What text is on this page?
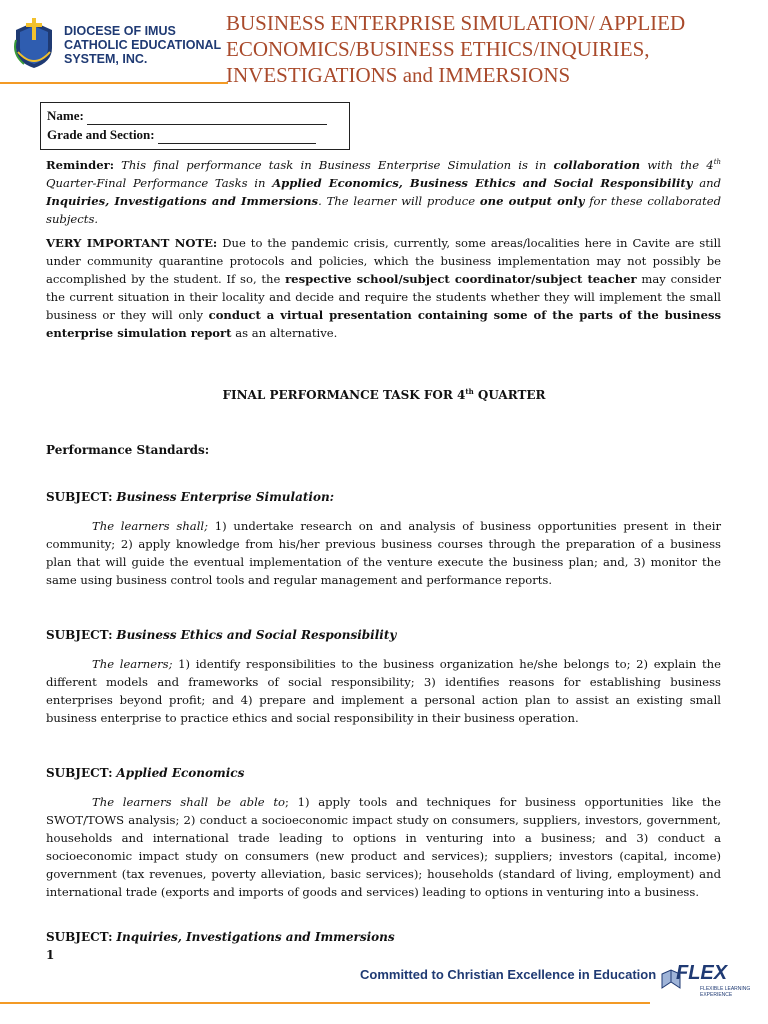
DIOCESE OF IMUS
CATHOLIC EDUCATIONAL
SYSTEM, INC.
BUSINESS ENTERPRISE SIMULATION/ APPLIED ECONOMICS/BUSINESS ETHICS/INQUIRIES, INVESTIGATIONS and IMMERSIONS
Name:
Grade and Section:
Reminder: This final performance task in Business Enterprise Simulation is in collaboration with the 4th Quarter-Final Performance Tasks in Applied Economics, Business Ethics and Social Responsibility and Inquiries, Investigations and Immersions. The learner will produce one output only for these collaborated subjects.
VERY IMPORTANT NOTE: Due to the pandemic crisis, currently, some areas/localities here in Cavite are still under community quarantine protocols and policies, which the business implementation may not possibly be accomplished by the student. If so, the respective school/subject coordinator/subject teacher may consider the current situation in their locality and decide and require the students whether they will implement the small business or they will only conduct a virtual presentation containing some of the parts of the business enterprise simulation report as an alternative.
FINAL PERFORMANCE TASK FOR 4th QUARTER
Performance Standards:
SUBJECT: Business Enterprise Simulation:
The learners shall; 1) undertake research on and analysis of business opportunities present in their community; 2) apply knowledge from his/her previous business courses through the preparation of a business plan that will guide the eventual implementation of the venture execute the business plan; and, 3) monitor the same using business control tools and regular management and performance reports.
SUBJECT: Business Ethics and Social Responsibility
The learners; 1) identify responsibilities to the business organization he/she belongs to; 2) explain the different models and frameworks of social responsibility; 3) identifies reasons for establishing business enterprises beyond profit; and 4) prepare and implement a personal action plan to assist an existing small business enterprise to practice ethics and social responsibility in their business operation.
SUBJECT: Applied Economics
The learners shall be able to; 1) apply tools and techniques for business opportunities like the SWOT/TOWS analysis; 2) conduct a socioeconomic impact study on consumers, suppliers, investors, government, households and international trade leading to options in venturing into a business; and 3) conduct a socioeconomic impact study on consumers (new product and services); suppliers; investors (capital, income) government (tax revenues, poverty alleviation, basic services); households (standard of living, employment) and international trade (exports and imports of goods and services) leading to options in venturing into a business.
SUBJECT: Inquiries, Investigations and Immersions
1
Committed to Christian Excellence in Education FLEX
FLEXIBLE LEARNING EXPERIENCE
